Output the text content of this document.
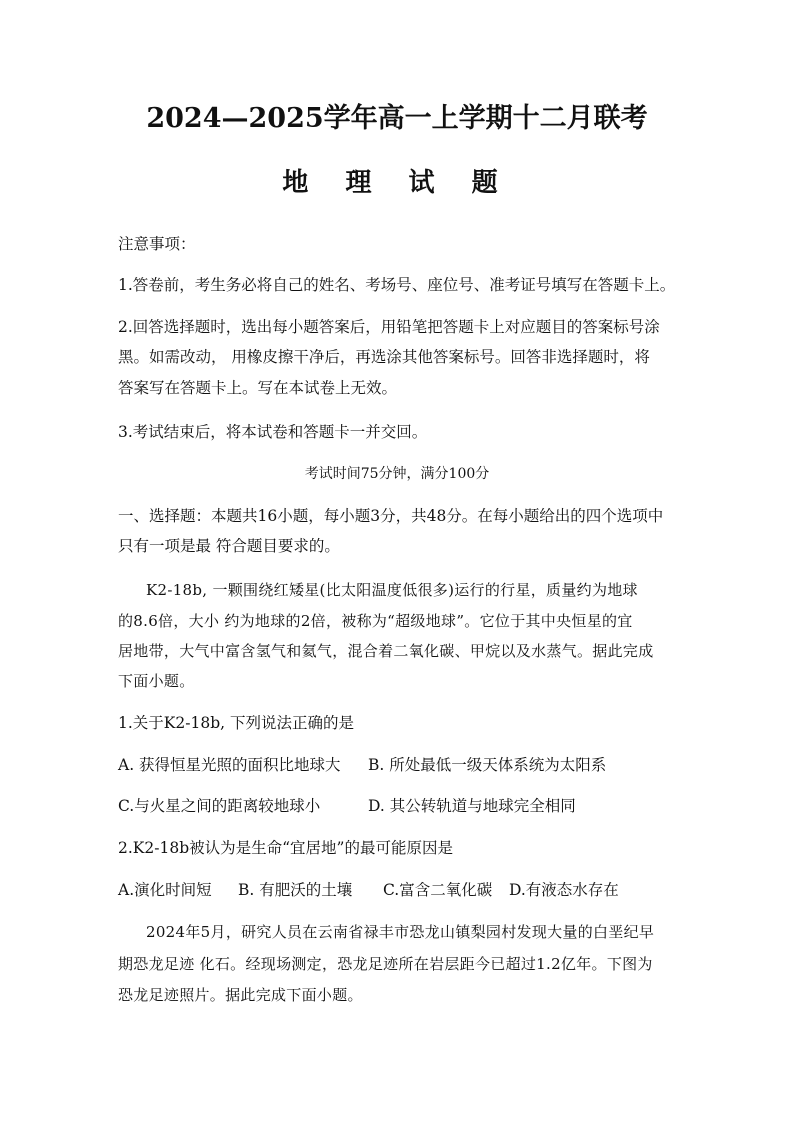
2024—2025学年高一上学期十二月联考
地 理 试 题
注意事项：
1.答卷前，考生务必将自己的姓名、考场号、座位号、准考证号填写在答题卡上。
2.回答选择题时，选出每小题答案后，用铅笔把答题卡上对应题目的答案标号涂
黑。如需改动， 用橡皮擦干净后，再选涂其他答案标号。回答非选择题时，将
答案写在答题卡上。写在本试卷上无效。
3.考试结束后，将本试卷和答题卡一并交回。
考试时间75分钟，满分100分
一、选择题：本题共16小题，每小题3分，共48分。在每小题给出的四个选项中
只有一项是最 符合题目要求的。
K2-18b, 一颗围绕红矮星(比太阳温度低很多)运行的行星，质量约为地球
的8.6倍，大小 约为地球的2倍，被称为“超级地球”。它位于其中央恒星的宜
居地带，大气中富含氢气和氦气，混合着二氧化碳、甲烷以及水蒸气。据此完成
下面小题。
1.关于K2-18b, 下列说法正确的是
A. 获得恒星光照的面积比地球大 B. 所处最低一级天体系统为太阳系
C.与火星之间的距离较地球小	D. 其公转轨道与地球完全相同
2.K2-18b被认为是生命“宜居地”的最可能原因是
A.演化时间短 B. 有肥沃的土壤 C.富含二氧化碳 D.有液态水存在
2024年5月，研究人员在云南省禄丰市恐龙山镇梨园村发现大量的白垩纪早
期恐龙足迹 化石。经现场测定，恐龙足迹所在岩层距今已超过1.2亿年。下图为
恐龙足迹照片。据此完成下面小题。
